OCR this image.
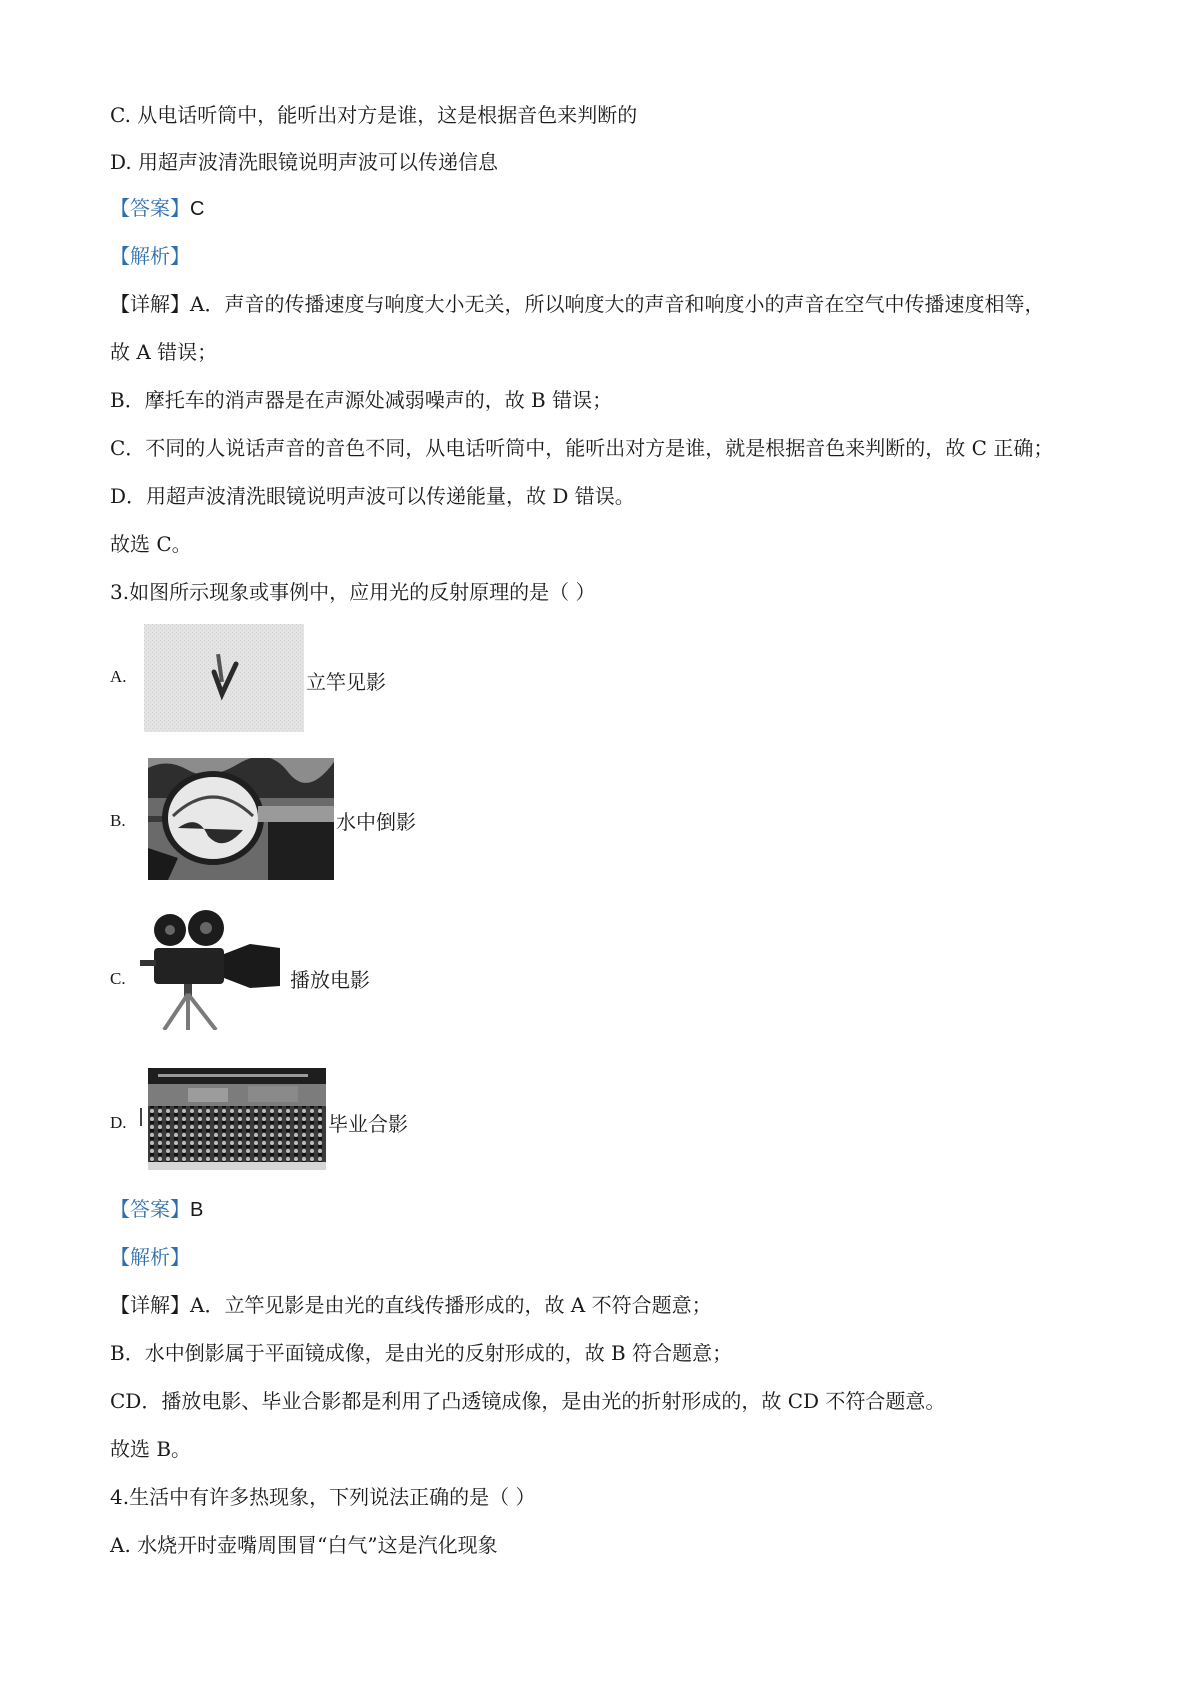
C. 从电话听筒中，能听出对方是谁，这是根据音色来判断的
D. 用超声波清洗眼镜说明声波可以传递信息
【答案】C
【解析】
【详解】A．声音的传播速度与响度大小无关，所以响度大的声音和响度小的声音在空气中传播速度相等，
故 A 错误；
B．摩托车的消声器是在声源处减弱噪声的，故 B 错误；
C．不同的人说话声音的音色不同，从电话听筒中，能听出对方是谁，就是根据音色来判断的，故 C 正确；
D．用超声波清洗眼镜说明声波可以传递能量，故 D 错误。
故选 C。
3.如图所示现象或事例中，应用光的反射原理的是（ ）
A.	立竿见影
B.	水中倒影
C.	播放电影
D.	毕业合影
【答案】B
【解析】
【详解】A．立竿见影是由光的直线传播形成的，故 A 不符合题意；
B．水中倒影属于平面镜成像，是由光的反射形成的，故 B 符合题意；
CD．播放电影、毕业合影都是利用了凸透镜成像，是由光的折射形成的，故 CD 不符合题意。
故选 B。
4.生活中有许多热现象，下列说法正确的是（ ）
A. 水烧开时壶嘴周围冒“白气”这是汽化现象
